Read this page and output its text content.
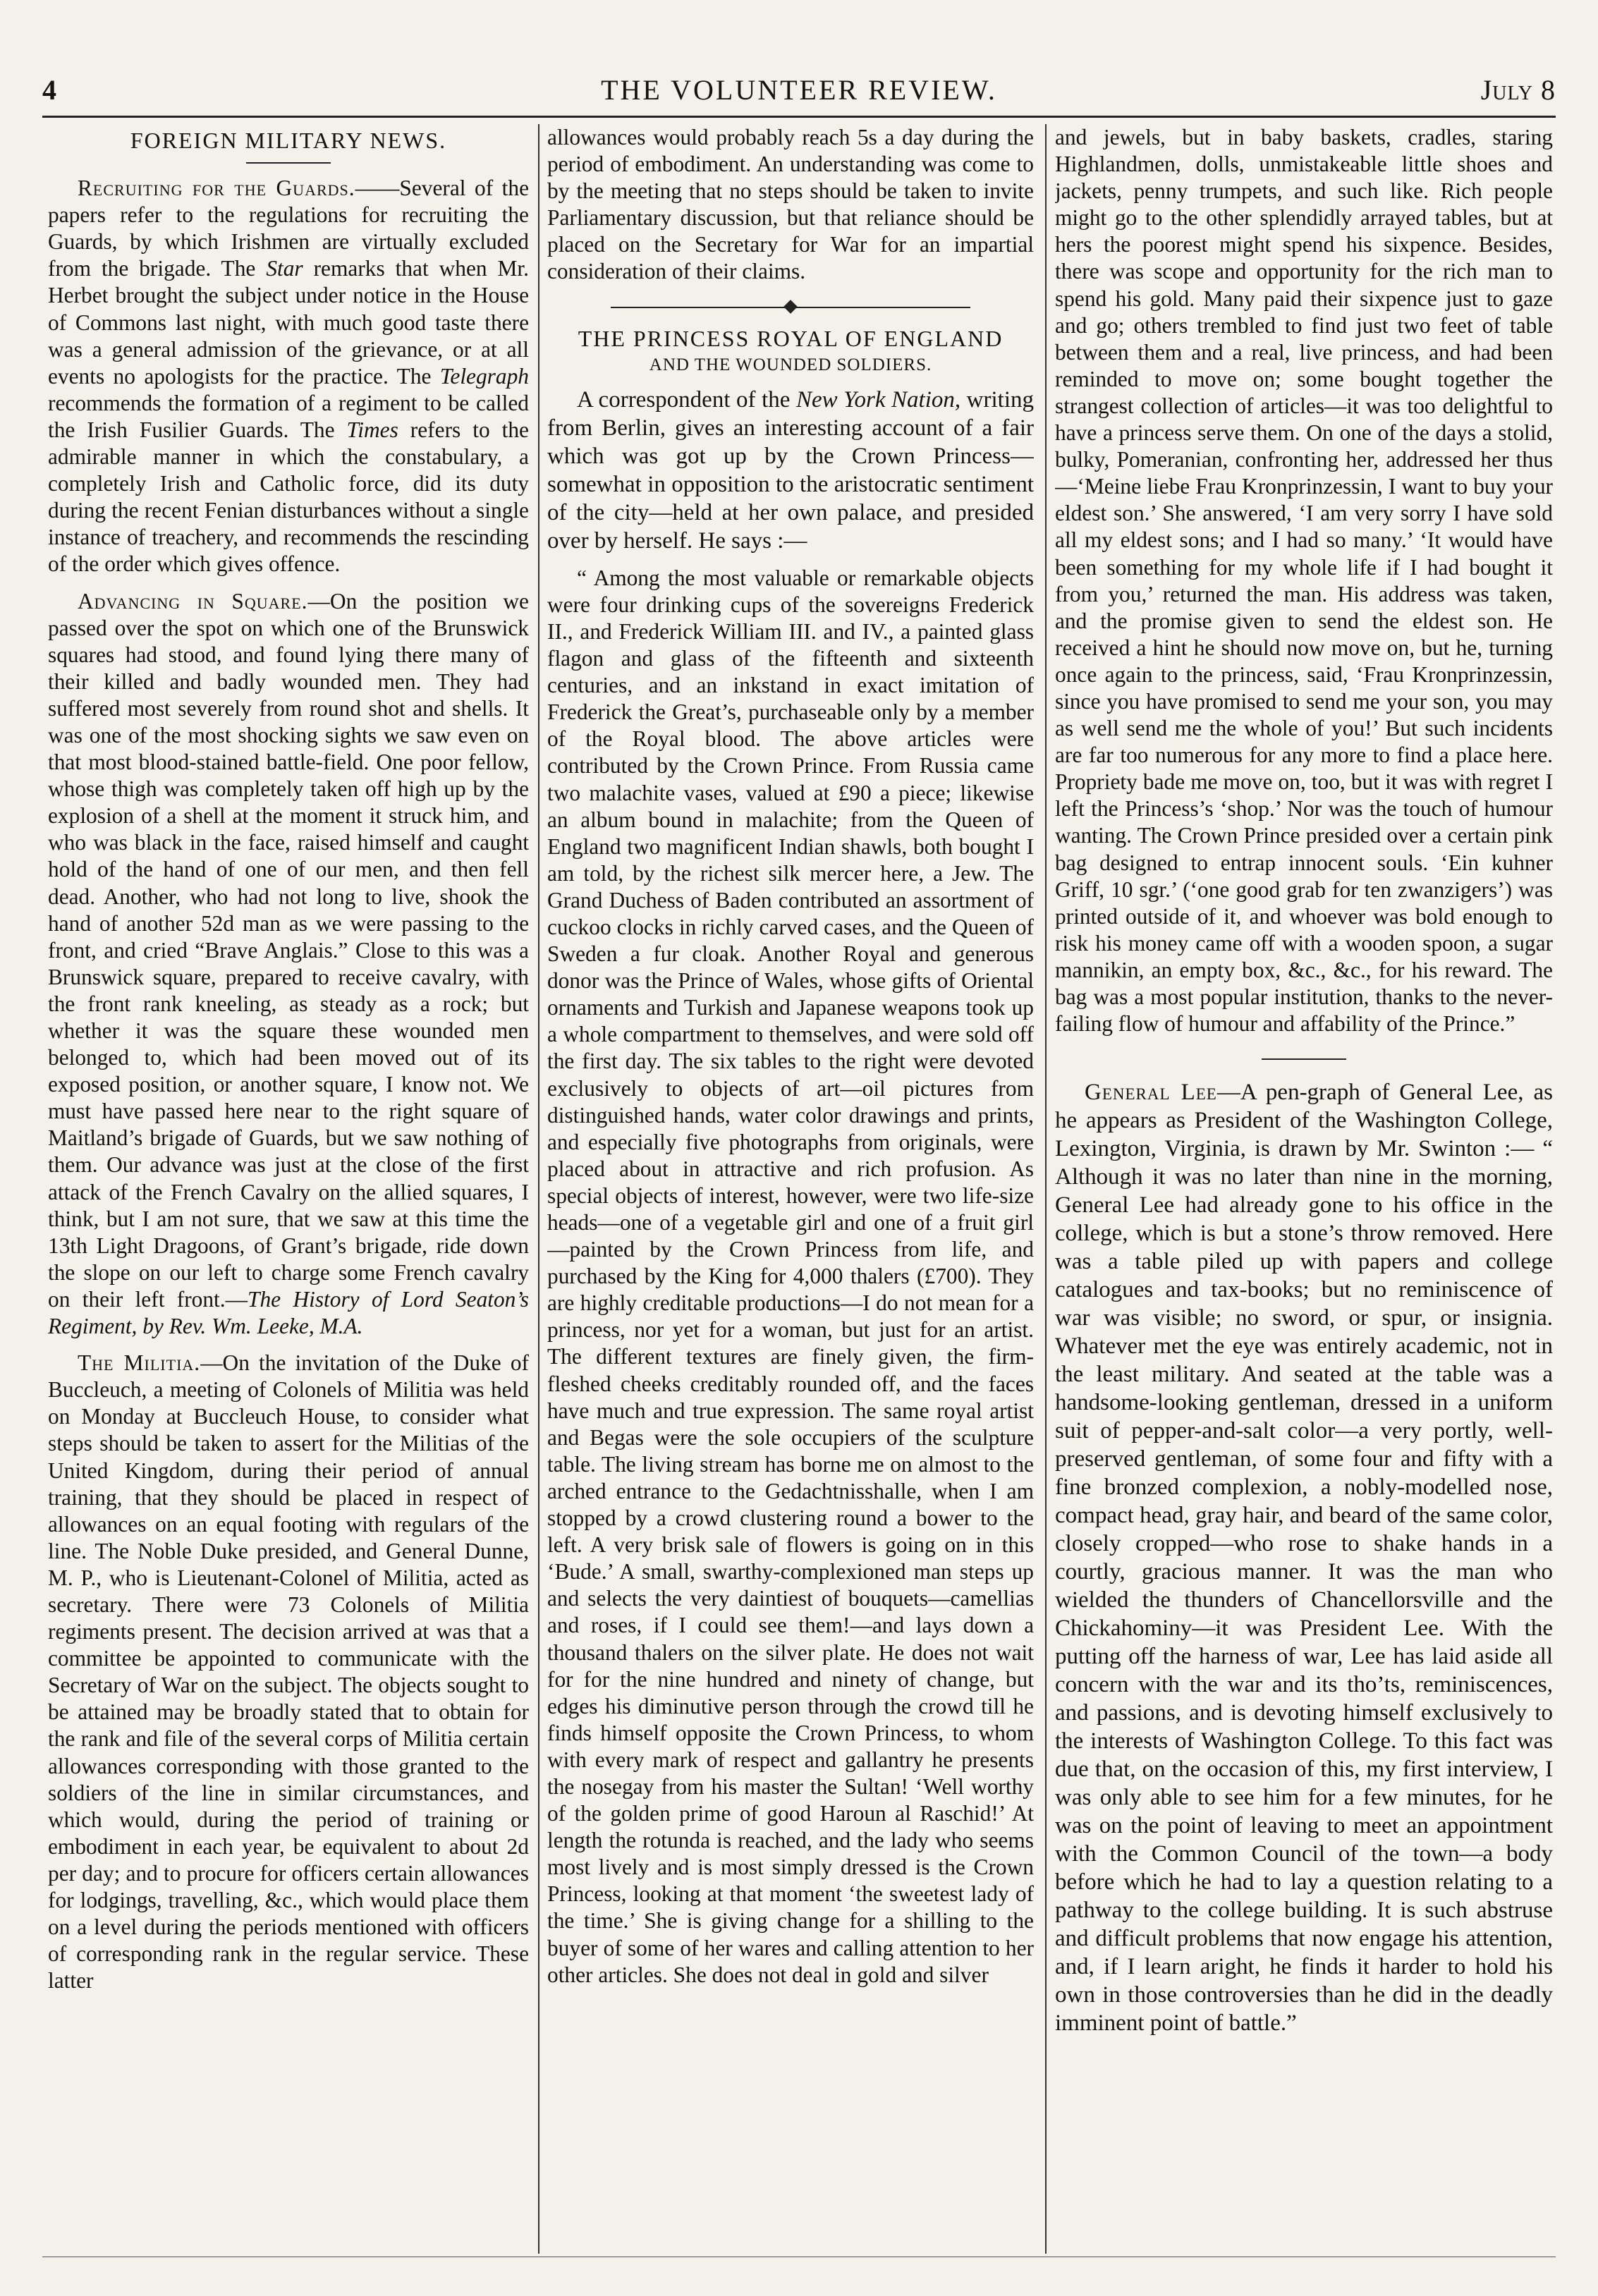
4	THE VOLUNTEER REVIEW.	July 8
FOREIGN MILITARY NEWS.

Recruiting for the Guards.——Several of the papers refer to the regulations for recruiting the Guards, by which Irishmen are virtually excluded from the brigade. The Star remarks that when Mr. Herbet brought the subject under notice in the House of Commons last night, with much good taste there was a general admission of the grievance, or at all events no apologists for the practice. The Telegraph recommends the formation of a regiment to be called the Irish Fusilier Guards. The Times refers to the admirable manner in which the constabulary, a completely Irish and Catholic force, did its duty during the recent Fenian disturbances without a single instance of treachery, and recommends the rescinding of the order which gives offence.

Advancing in Square.—On the position we passed over the spot on which one of the Brunswick squares had stood, and found lying there many of their killed and badly wounded men. They had suffered most severely from round shot and shells. It was one of the most shocking sights we saw even on that most blood-stained battle-field. One poor fellow, whose thigh was completely taken off high up by the explosion of a shell at the moment it struck him, and who was black in the face, raised himself and caught hold of the hand of one of our men, and then fell dead. Another, who had not long to live, shook the hand of another 52d man as we were passing to the front, and cried “Brave Anglais.” Close to this was a Brunswick square, prepared to receive cavalry, with the front rank kneeling, as steady as a rock; but whether it was the square these wounded men belonged to, which had been moved out of its exposed position, or another square, I know not. We must have passed here near to the right square of Maitland’s brigade of Guards, but we saw nothing of them. Our advance was just at the close of the first attack of the French Cavalry on the allied squares, I think, but I am not sure, that we saw at this time the 13th Light Dragoons, of Grant’s brigade, ride down the slope on our left to charge some French cavalry on their left front.—The History of Lord Seaton’s Regiment, by Rev. Wm. Leeke, M.A.

The Militia.—On the invitation of the Duke of Buccleuch, a meeting of Colonels of Militia was held on Monday at Buccleuch House, to consider what steps should be taken to assert for the Militias of the United Kingdom, during their period of annual training, that they should be placed in respect of allowances on an equal footing with regulars of the line. The Noble Duke presided, and General Dunne, M. P., who is Lieutenant-Colonel of Militia, acted as secretary. There were 73 Colonels of Militia regiments present. The decision arrived at was that a committee be appointed to communicate with the Secretary of War on the subject. The objects sought to be attained may be broadly stated that to obtain for the rank and file of the several corps of Militia certain allowances corresponding with those granted to the soldiers of the line in similar circumstances, and which would, during the period of training or embodiment in each year, be equivalent to about 2d per day; and to procure for officers certain allowances for lodgings, travelling, &c., which would place them on a level during the periods mentioned with officers of corresponding rank in the regular service. These latter

allowances would probably reach 5s a day during the period of embodiment. An understanding was come to by the meeting that no steps should be taken to invite Parliamentary discussion, but that reliance should be placed on the Secretary for War for an impartial consideration of their claims.

THE PRINCESS ROYAL OF ENGLAND
AND THE WOUNDED SOLDIERS.

A correspondent of the New York Nation, writing from Berlin, gives an interesting account of a fair which was got up by the Crown Princess—somewhat in opposition to the aristocratic sentiment of the city—held at her own palace, and presided over by herself. He says :—

“ Among the most valuable or remarkable objects were four drinking cups of the sovereigns Frederick II., and Frederick William III. and IV., a painted glass flagon and glass of the fifteenth and sixteenth centuries, and an inkstand in exact imitation of Frederick the Great’s, purchaseable only by a member of the Royal blood. The above articles were contributed by the Crown Prince. From Russia came two malachite vases, valued at £90 a piece; likewise an album bound in malachite; from the Queen of England two magnificent Indian shawls, both bought I am told, by the richest silk mercer here, a Jew. The Grand Duchess of Baden contributed an assortment of cuckoo clocks in richly carved cases, and the Queen of Sweden a fur cloak. Another Royal and generous donor was the Prince of Wales, whose gifts of Oriental ornaments and Turkish and Japanese weapons took up a whole compartment to themselves, and were sold off the first day. The six tables to the right were devoted exclusively to objects of art—oil pictures from distinguished hands, water color drawings and prints, and especially five photographs from originals, were placed about in attractive and rich profusion. As special objects of interest, however, were two life-size heads—one of a vegetable girl and one of a fruit girl—painted by the Crown Princess from life, and purchased by the King for 4,000 thalers (£700). They are highly creditable productions—I do not mean for a princess, nor yet for a woman, but just for an artist. The different textures are finely given, the firm-fleshed cheeks creditably rounded off, and the faces have much and true expression. The same royal artist and Begas were the sole occupiers of the sculpture table. The living stream has borne me on almost to the arched entrance to the Gedachtnisshalle, when I am stopped by a crowd clustering round a bower to the left. A very brisk sale of flowers is going on in this ‘Bude.’ A small, swarthy-complexioned man steps up and selects the very daintiest of bouquets—camellias and roses, if I could see them!—and lays down a thousand thalers on the silver plate. He does not wait for for the nine hundred and ninety of change, but edges his diminutive person through the crowd till he finds himself opposite the Crown Princess, to whom with every mark of respect and gallantry he presents the nosegay from his master the Sultan! ‘Well worthy of the golden prime of good Haroun al Raschid!’ At length the rotunda is reached, and the lady who seems most lively and is most simply dressed is the Crown Princess, looking at that moment ‘the sweetest lady of the time.’ She is giving change for a shilling to the buyer of some of her wares and calling attention to her other articles. She does not deal in gold and silver

and jewels, but in baby baskets, cradles, staring Highlandmen, dolls, unmistakeable little shoes and jackets, penny trumpets, and such like. Rich people might go to the other splendidly arrayed tables, but at hers the poorest might spend his sixpence. Besides, there was scope and opportunity for the rich man to spend his gold. Many paid their sixpence just to gaze and go; others trembled to find just two feet of table between them and a real, live princess, and had been reminded to move on; some bought together the strangest collection of articles—it was too delightful to have a princess serve them. On one of the days a stolid, bulky, Pomeranian, confronting her, addressed her thus—‘Meine liebe Frau Kronprinzessin, I want to buy your eldest son.’ She answered, ‘I am very sorry I have sold all my eldest sons; and I had so many.’ ‘It would have been something for my whole life if I had bought it from you,’ returned the man. His address was taken, and the promise given to send the eldest son. He received a hint he should now move on, but he, turning once again to the princess, said, ‘Frau Kronprinzessin, since you have promised to send me your son, you may as well send me the whole of you!’ But such incidents are far too numerous for any more to find a place here. Propriety bade me move on, too, but it was with regret I left the Princess’s ‘shop.’ Nor was the touch of humour wanting. The Crown Prince presided over a certain pink bag designed to entrap innocent souls. ‘Ein kuhner Griff, 10 sgr.’ (‘one good grab for ten zwanzigers’) was printed outside of it, and whoever was bold enough to risk his money came off with a wooden spoon, a sugar mannikin, an empty box, &c., &c., for his reward. The bag was a most popular institution, thanks to the never-failing flow of humour and affability of the Prince.”

General Lee—A pen-graph of General Lee, as he appears as President of the Washington College, Lexington, Virginia, is drawn by Mr. Swinton :— “ Although it was no later than nine in the morning, General Lee had already gone to his office in the college, which is but a stone’s throw removed. Here was a table piled up with papers and college catalogues and tax-books; but no reminiscence of war was visible; no sword, or spur, or insignia. Whatever met the eye was entirely academic, not in the least military. And seated at the table was a handsome-looking gentleman, dressed in a uniform suit of pepper-and-salt color—a very portly, well-preserved gentleman, of some four and fifty with a fine bronzed complexion, a nobly-modelled nose, compact head, gray hair, and beard of the same color, closely cropped—who rose to shake hands in a courtly, gracious manner. It was the man who wielded the thunders of Chancellorsville and the Chickahominy—it was President Lee. With the putting off the harness of war, Lee has laid aside all concern with the war and its tho’ts, reminiscences, and passions, and is devoting himself exclusively to the interests of Washington College. To this fact was due that, on the occasion of this, my first interview, I was only able to see him for a few minutes, for he was on the point of leaving to meet an appointment with the Common Council of the town—a body before which he had to lay a question relating to a pathway to the college building. It is such abstruse and difficult problems that now engage his attention, and, if I learn aright, he finds it harder to hold his own in those controversies than he did in the deadly imminent point of battle.”
